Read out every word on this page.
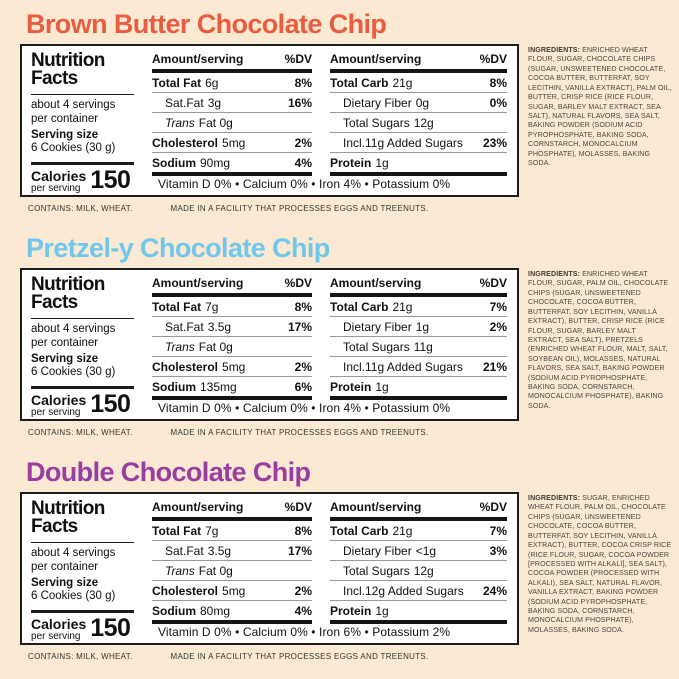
Brown Butter Chocolate Chip
Nutrition
Facts
about 4 servings
per container
Serving size
6 Cookies (30 g)
Calories
per serving 150
Amount/serving	%DV
Total Fat 6g	8%
Sat.Fat 3g	16%
Trans Fat 0g
Cholesterol 5mg	2%
Sodium 90mg	4%
Amount/serving	%DV
Total Carb 21g	8%
Dietary Fiber 0g	0%
Total Sugars 12g
Incl.11g Added Sugars 23%
Protein 1g
Vitamin D 0% • Calcium 0% • Iron 4% • Potassium 0%
CONTAINS: MILK, WHEAT.	MADE IN A FACILITY THAT PROCESSES EGGS AND TREENUTS.
INGREDIENTS: ENRICHED WHEAT FLOUR, SUGAR, CHOCOLATE CHIPS (SUGAR, UNSWEETENED CHOCOLATE, COCOA BUTTER, BUTTERFAT, SOY LECITHIN, VANILLA EXTRACT), PALM OIL, BUTTER, CRISP RICE (RICE FLOUR, SUGAR, BARLEY MALT EXTRACT, SEA SALT), NATURAL FLAVORS, SEA SALT, BAKING POWDER (SODIUM ACID PYROPHOSPHATE, BAKING SODA, CORNSTARCH, MONOCALCIUM PHOSPHATE), MOLASSES, BAKING SODA.
Pretzel-y Chocolate Chip
Nutrition
Facts
about 4 servings
per container
Serving size
6 Cookies (30 g)
Calories
per serving 150
Amount/serving	%DV
Total Fat 7g	8%
Sat.Fat 3.5g	17%
Trans Fat 0g
Cholesterol 5mg	2%
Sodium 135mg	6%
Amount/serving	%DV
Total Carb 21g	7%
Dietary Fiber 1g	2%
Total Sugars 11g
Incl.11g Added Sugars 21%
Protein 1g
Vitamin D 0% • Calcium 0% • Iron 4% • Potassium 0%
CONTAINS: MILK, WHEAT.	MADE IN A FACILITY THAT PROCESSES EGGS AND TREENUTS.
INGREDIENTS: ENRICHED WHEAT FLOUR, SUGAR, PALM OIL, CHOCOLATE CHIPS (SUGAR, UNSWEETENED CHOCOLATE, COCOA BUTTER, BUTTERFAT, SOY LECITHIN, VANILLA EXTRACT), BUTTER, CRISP RICE (RICE FLOUR, SUGAR, BARLEY MALT EXTRACT, SEA SALT), PRETZELS (ENRICHED WHEAT FLOUR, MALT, SALT, SOYBEAN OIL), MOLASSES, NATURAL FLAVORS, SEA SALT, BAKING POWDER (SODIUM ACID PYROPHOSPHATE, BAKING SODA, CORNSTARCH, MONOCALCIUM PHOSPHATE), BAKING SODA.
Double Chocolate Chip
Nutrition
Facts
about 4 servings
per container
Serving size
6 Cookies (30 g)
Calories
per serving 150
Amount/serving	%DV
Total Fat 7g	8%
Sat.Fat 3.5g	17%
Trans Fat 0g
Cholesterol 5mg	2%
Sodium 80mg	4%
Amount/serving	%DV
Total Carb 21g	7%
Dietary Fiber <1g	3%
Total Sugars 12g
Incl.12g Added Sugars 24%
Protein 1g
Vitamin D 0% • Calcium 0% • Iron 6% • Potassium 2%
CONTAINS: MILK, WHEAT.	MADE IN A FACILITY THAT PROCESSES EGGS AND TREENUTS.
INGREDIENTS: SUGAR, ENRICHED WHEAT FLOUR, PALM OIL, CHOCOLATE CHIPS (SUGAR, UNSWEETENED CHOCOLATE, COCOA BUTTER, BUTTERFAT, SOY LECITHIN, VANILLA EXTRACT), BUTTER, COCOA CRISP RICE (RICE FLOUR, SUGAR, COCOA POWDER [PROCESSED WITH ALKALI], SEA SALT), COCOA POWDER (PROCESSED WITH ALKALI), SEA SALT, NATURAL FLAVOR, VANILLA EXTRACT, BAKING POWDER (SODIUM ACID PYROPHOSPHATE, BAKING SODA, CORNSTARCH, MONOCALCIUM PHOSPHATE), MOLASSES, BAKING SODA.
